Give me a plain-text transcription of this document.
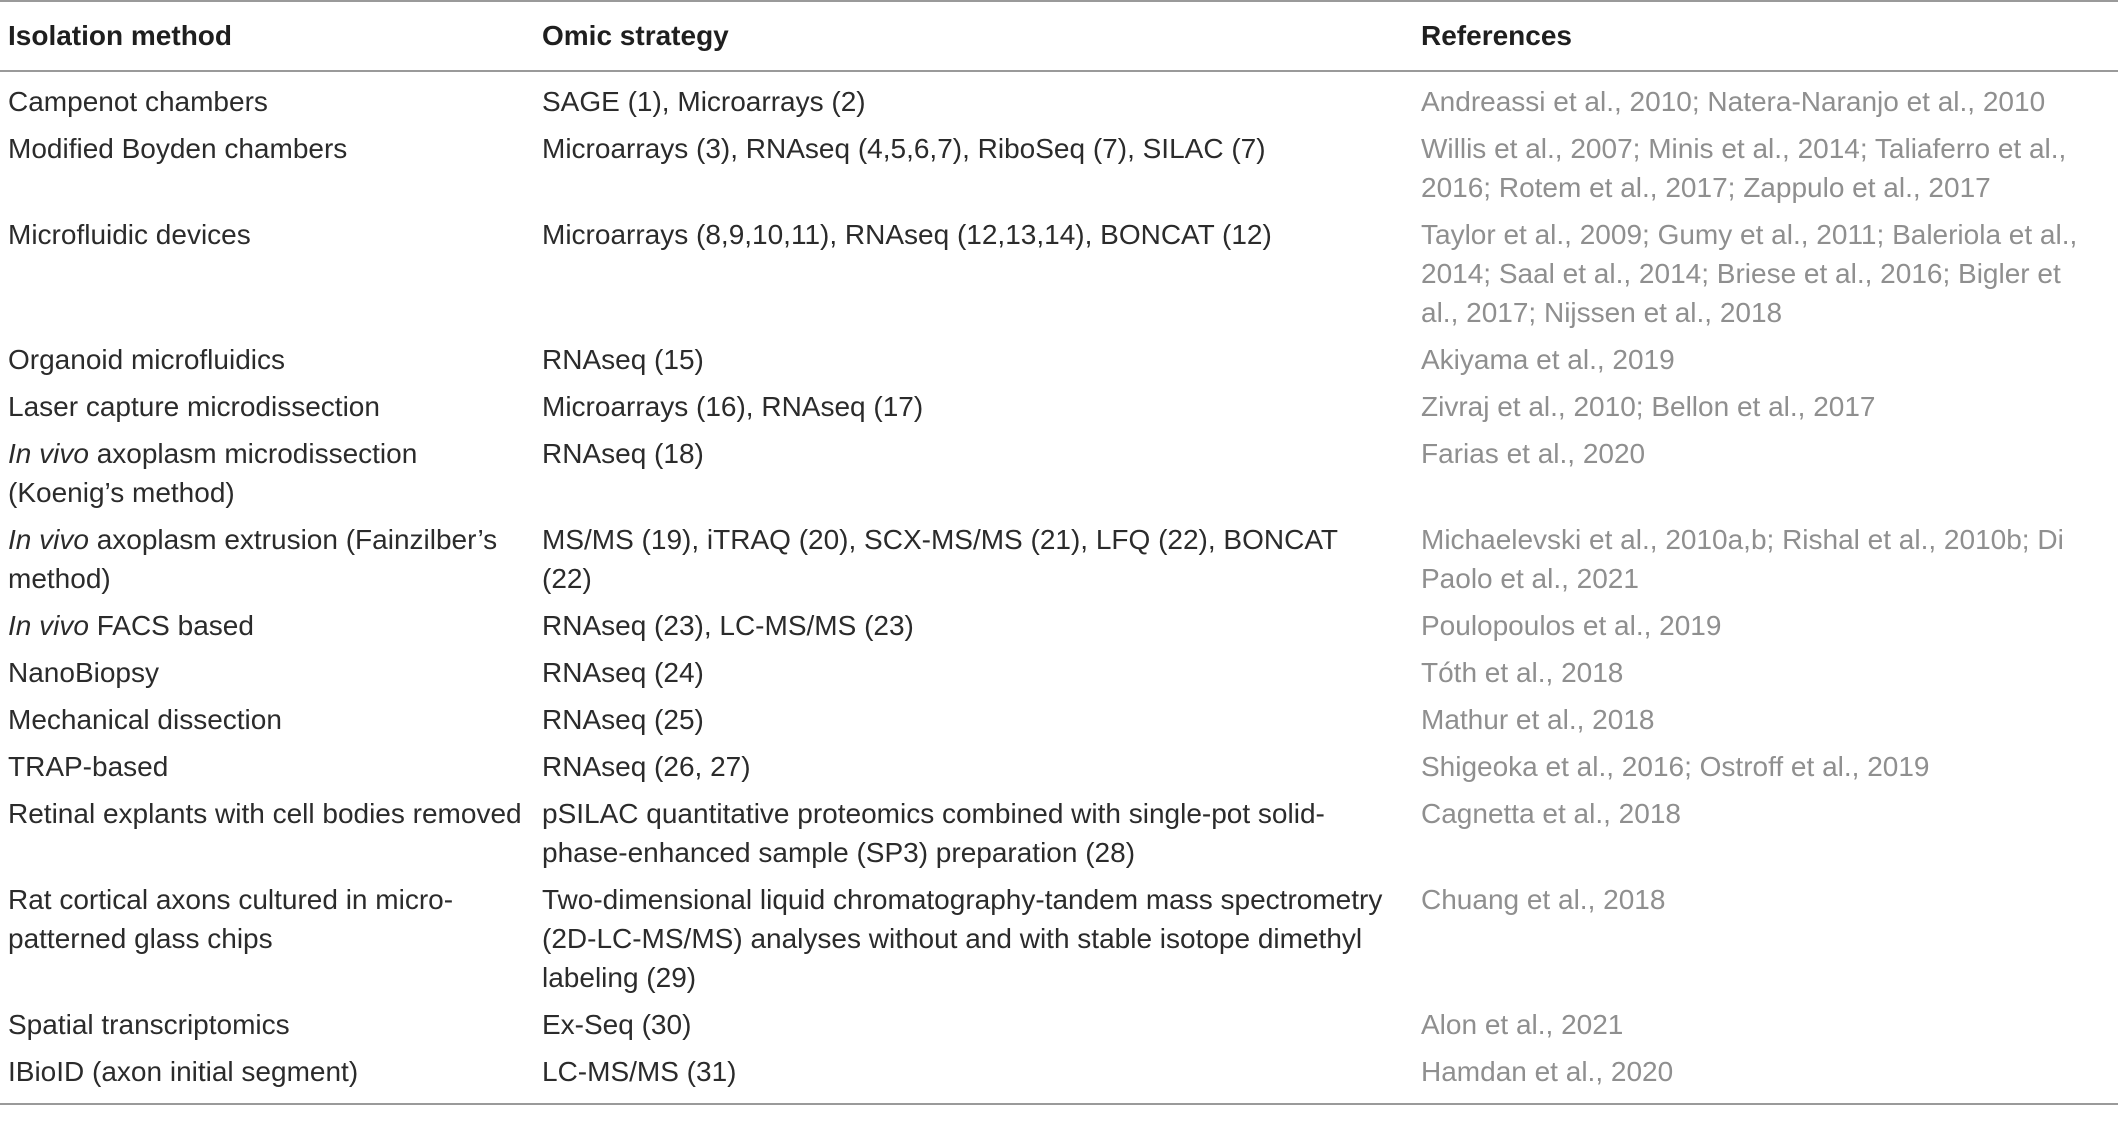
Isolation method	Omic strategy	References
Campenot chambers	SAGE (1), Microarrays (2)	Andreassi et al., 2010; Natera-Naranjo et al., 2010
Modified Boyden chambers	Microarrays (3), RNAseq (4,5,6,7), RiboSeq (7), SILAC (7)	Willis et al., 2007; Minis et al., 2014; Taliaferro et al., 2016; Rotem et al., 2017; Zappulo et al., 2017
Microfluidic devices	Microarrays (8,9,10,11), RNAseq (12,13,14), BONCAT (12)	Taylor et al., 2009; Gumy et al., 2011; Baleriola et al., 2014; Saal et al., 2014; Briese et al., 2016; Bigler et al., 2017; Nijssen et al., 2018
Organoid microfluidics	RNAseq (15)	Akiyama et al., 2019
Laser capture microdissection	Microarrays (16), RNAseq (17)	Zivraj et al., 2010; Bellon et al., 2017
In vivo axoplasm microdissection (Koenig’s method)	RNAseq (18)	Farias et al., 2020
In vivo axoplasm extrusion (Fainzilber’s method)	MS/MS (19), iTRAQ (20), SCX-MS/MS (21), LFQ (22), BONCAT (22)	Michaelevski et al., 2010a,b; Rishal et al., 2010b; Di Paolo et al., 2021
In vivo FACS based	RNAseq (23), LC-MS/MS (23)	Poulopoulos et al., 2019
NanoBiopsy	RNAseq (24)	Tóth et al., 2018
Mechanical dissection	RNAseq (25)	Mathur et al., 2018
TRAP-based	RNAseq (26, 27)	Shigeoka et al., 2016; Ostroff et al., 2019
Retinal explants with cell bodies removed	pSILAC quantitative proteomics combined with single-pot solid-phase-enhanced sample (SP3) preparation (28)	Cagnetta et al., 2018
Rat cortical axons cultured in micro-patterned glass chips	Two-dimensional liquid chromatography-tandem mass spectrometry (2D-LC-MS/MS) analyses without and with stable isotope dimethyl labeling (29)	Chuang et al., 2018
Spatial transcriptomics	Ex-Seq (30)	Alon et al., 2021
IBioID (axon initial segment)	LC-MS/MS (31)	Hamdan et al., 2020
